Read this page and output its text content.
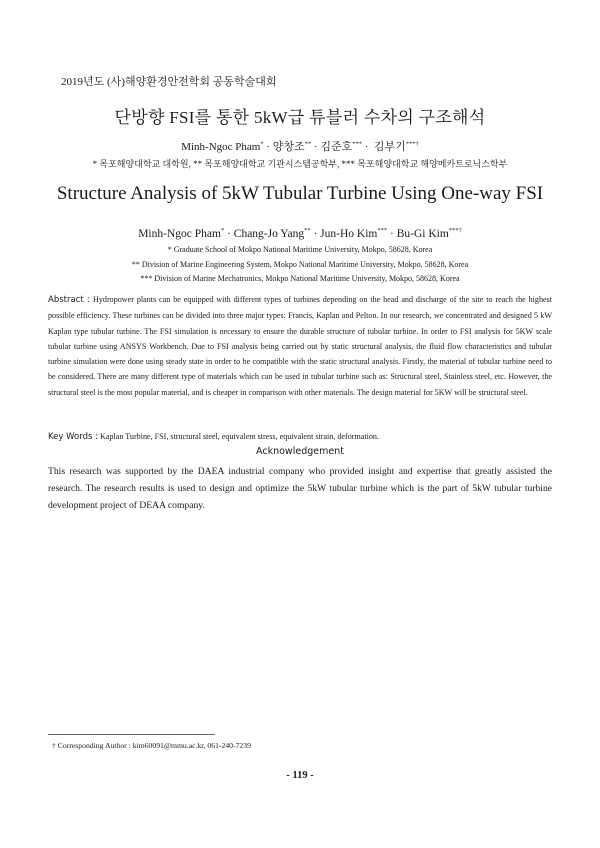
2019년도 (사)해양환경안전학회 공동학술대회
단방향 FSI를 통한 5kW급 튜블러 수차의 구조해석
Minh-Ngoc Pham* · 양창조** · 김준호*** · 김부기***†
* 목포해양대학교 대학원, ** 목포해양대학교 기관시스템공학부, *** 목포해양대학교 해양메카트로닉스학부
Structure Analysis of 5kW Tubular Turbine Using One-way FSI
Minh-Ngoc Pham* · Chang-Jo Yang** · Jun-Ho Kim*** · Bu-Gi Kim***†
* Graduate School of Mokpo National Maritime University, Mokpo, 58628, Korea
** Division of Marine Engineering System, Mokpo National Maritime University, Mokpo, 58628, Korea
*** Division of Marine Mechatronics, Mokpo National Maritime University, Mokpo, 58628, Korea
Abstract : Hydropower plants can be equipped with different types of turbines depending on the head and discharge of the site to reach the highest possible efficiency. These turbines can be divided into three major types: Francis, Kaplan and Pelton. In our research, we concentrated and designed 5 kW Kaplan type tubular turbine. The FSI simulation is necessary to ensure the durable structure of tubular turbine. In order to FSI analysis for 5KW scale tubular turbine using ANSYS Workbench. Due to FSI analysis being carried out by static structural analysis, the fluid flow characteristics and tubular turbine simulation were done using steady state in order to be compatible with the static structural analysis. Firstly, the material of tubular turbine need to be considered. There are many different type of materials which can be used in tubular turbine such as: Structural steel, Stainless steel, etc. However, the structural steel is the most popular material, and is cheaper in comparison with other materials. The design material for 5KW will be structural steel.
Key Words : Kaplan Turbine, FSI, structural steel, equivalent stress, equivalent strain, deformation.
Acknowledgement
This research was supported by the DAEA industrial company who provided insight and expertise that greatly assisted the research. The research results is used to design and optimize the 5kW tubular turbine which is the part of 5kW tubular turbine development project of DEAA company.
† Corresponding Author : kim60091@mmu.ac.kr, 061-240-7239
- 119 -
